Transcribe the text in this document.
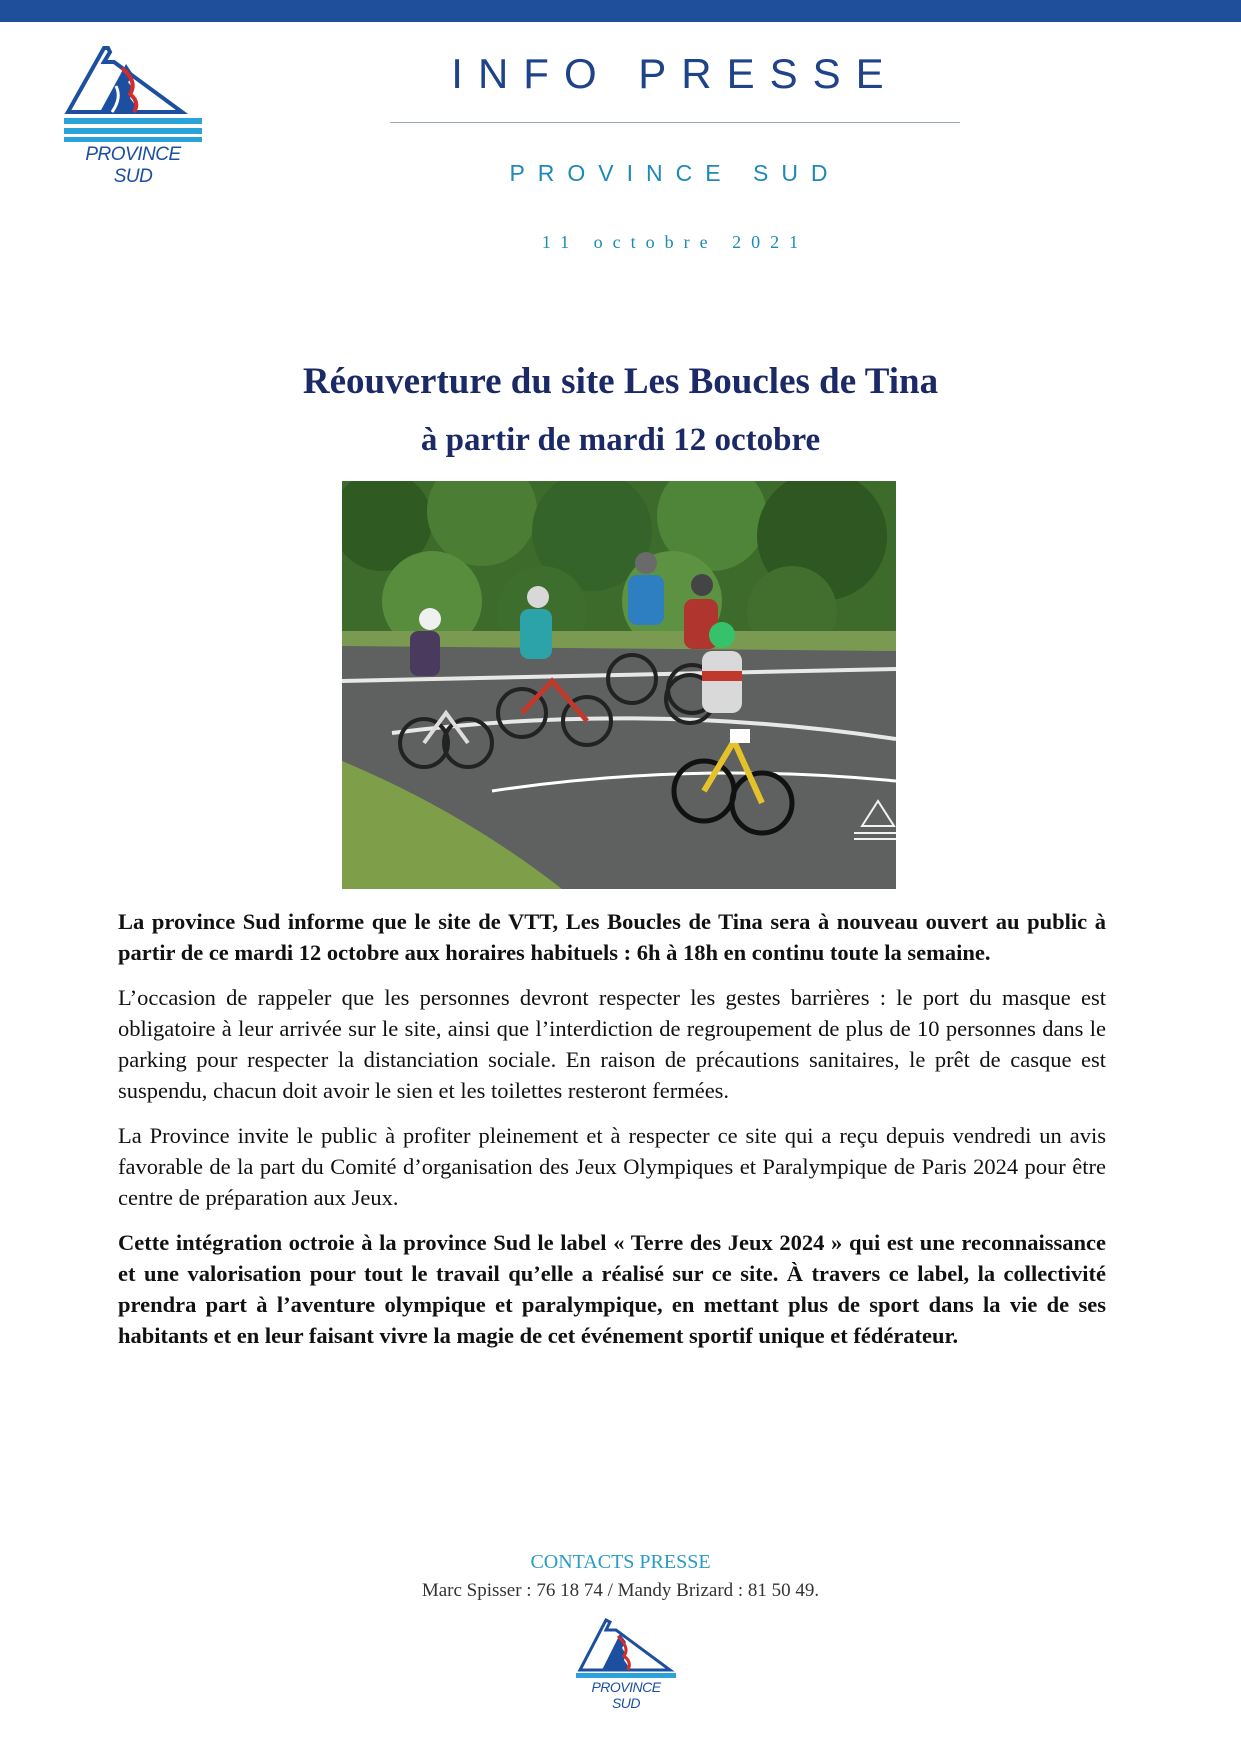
PROVINCE SUD
INFO PRESSE
PROVINCE SUD
11 octobre 2021
Réouverture du site Les Boucles de Tina
à partir de mardi 12 octobre

La province Sud informe que le site de VTT, Les Boucles de Tina sera à nouveau ouvert au public à partir de ce mardi 12 octobre aux horaires habituels : 6h à 18h en continu toute la semaine.

L’occasion de rappeler que les personnes devront respecter les gestes barrières : le port du masque est obligatoire à leur arrivée sur le site, ainsi que l’interdiction de regroupement de plus de 10 personnes dans le parking pour respecter la distanciation sociale. En raison de précautions sanitaires, le prêt de casque est suspendu, chacun doit avoir le sien et les toilettes resteront fermées.

La Province invite le public à profiter pleinement et à respecter ce site qui a reçu depuis vendredi un avis favorable de la part du Comité d’organisation des Jeux Olympiques et Paralympique de Paris 2024 pour être centre de préparation aux Jeux.

Cette intégration octroie à la province Sud le label « Terre des Jeux 2024 » qui est une reconnaissance et une valorisation pour tout le travail qu’elle a réalisé sur ce site. À travers ce label, la collectivité prendra part à l’aventure olympique et paralympique, en mettant plus de sport dans la vie de ses habitants et en leur faisant vivre la magie de cet événement sportif unique et fédérateur.

CONTACTS PRESSE
Marc Spisser : 76 18 74 / Mandy Brizard : 81 50 49.
PROVINCE SUD
